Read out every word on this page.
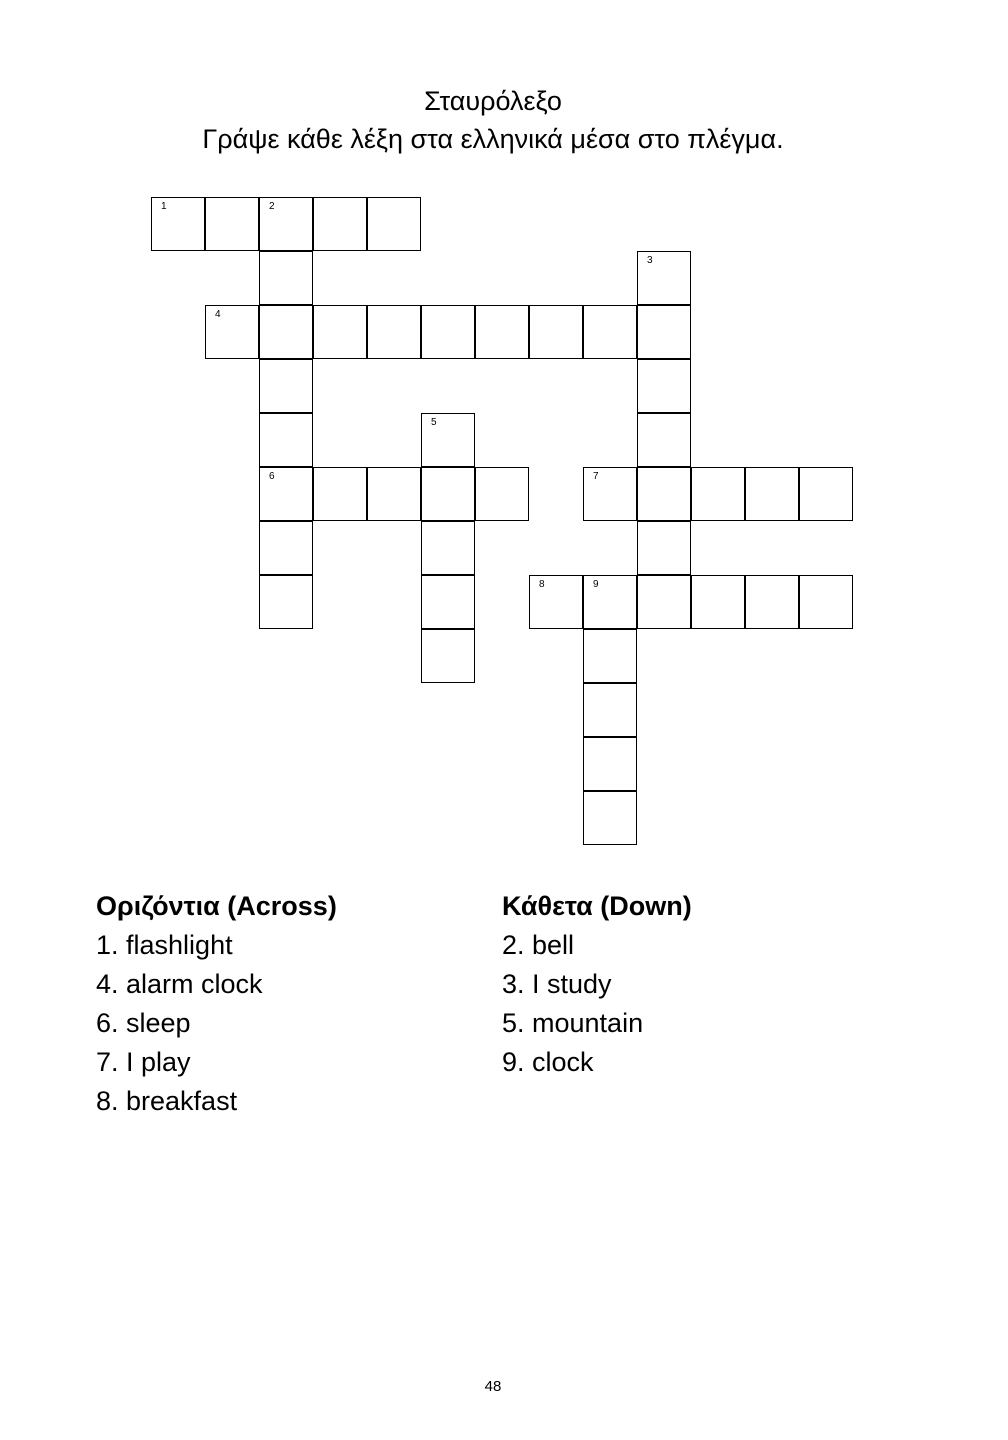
Σταυρόλεξο

Γράψε κάθε λέξη στα ελληνικά μέσα στο πλέγμα.

1	2
6
3
4
5
7
8	9
Οριζόντια (Across)
1. flashlight
4. alarm clock
6. sleep
7. I play
8. breakfast
Κάθετα (Down)
2. bell
3. I study
5. mountain
9. clock
48
